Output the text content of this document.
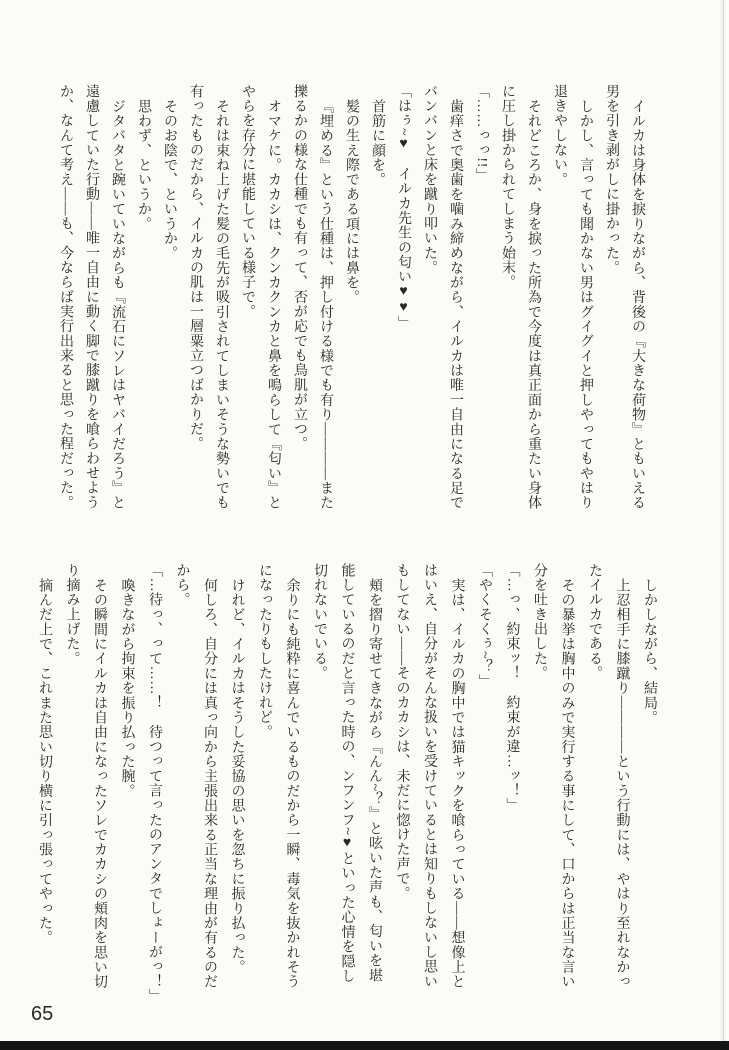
イルカは身体を捩りながら、背後の『大きな荷物』ともいえる男を引き剥がしに掛かった。

しかし、言っても聞かない男はグイグイと押しやってもやはり退きやしない。

それどころか、身を捩った所為で今度は真正面から重たい身体に圧し掛かられてしまう始末。

「……っっ!!」

歯痒さで奥歯を噛み締めながら、イルカは唯一自由になる足でバンバンと床を蹴り叩いた。

「はぅ~♥　イルカ先生の匂い♥♥」

首筋に顔を。

髪の生え際である項には鼻を。

『埋める』という仕種は、押し付ける様でも有り――――また擽るかの様な仕種でも有って、否が応でも鳥肌が立つ。

オマケに。カカシは、クンカクンカと鼻を鳴らして『匂い』とやらを存分に堪能している様子で。

それは束ね上げた髪の毛先が吸引されてしまいそうな勢いでも有ったものだから、イルカの肌は一層粟立つばかりだ。

そのお陰で、というか。

思わず、というか。

ジタバタと踠いていながらも『流石にソレはヤバイだろう』と遠慮していた行動――唯一自由に動く脚で膝蹴りを喰らわせようか、なんて考え――も、今ならば実行出来ると思った程だった。

しかしながら、結局。

上忍相手に膝蹴り――――という行動には、やはり至れなかったイルカである。

その暴挙は胸中のみで実行する事にして、口からは正当な言い分を吐き出した。

「…っ、約束ッ！　約束が違…ッ！」

「やくそくぅ~？」

実は、イルカの胸中では猫キックを喰らっている――想像上とはいえ、自分がそんな扱いを受けているとは知りもしないし思いもしてない――そのカカシは、未だに惚けた声で。

頬を摺り寄せてきながら『んん~？』と呟いた声も、匂いを堪能しているのだと言った時の、ンフンフ~♥といった心情を隠し切れないでいる。

余りにも純粋に喜んでいるものだから一瞬、毒気を抜かれそうになったりもしたけれど。

けれど、イルカはそうした妥協の思いを忽ちに振り払った。

何しろ、自分には真っ向から主張出来る正当な理由が有るのだから。

「…待っ、って……！　待つって言ったのアンタでしょーがっ！」

喚きながら拘束を振り払った腕。

その瞬間にイルカは自由になったソレでカカシの頬肉を思い切り摘み上げた。

摘んだ上で、これまた思い切り横に引っ張ってやった。

65
